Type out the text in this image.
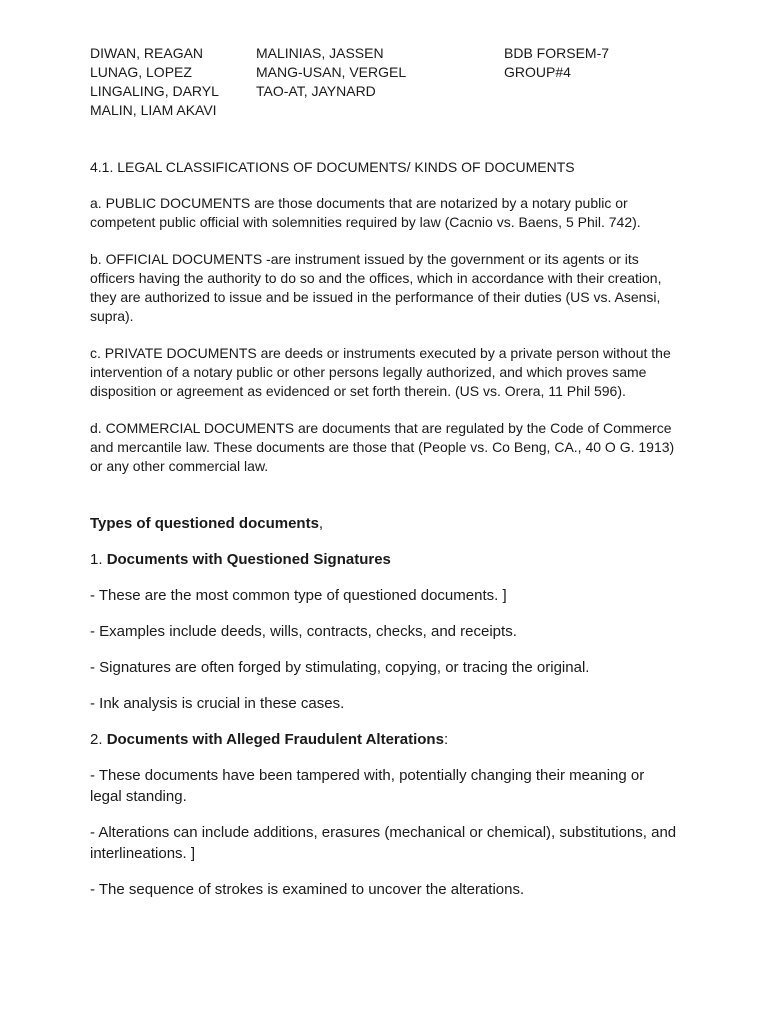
DIWAN, REAGAN
LUNAG, LOPEZ
LINGALING, DARYL
MALIN, LIAM AKAVI
MALINIAS, JASSEN
MANG-USAN, VERGEL
TAO-AT, JAYNARD
BDB FORSEM-7
GROUP#4
4.1. LEGAL CLASSIFICATIONS OF DOCUMENTS/ KINDS OF DOCUMENTS
a. PUBLIC DOCUMENTS are those documents that are notarized by a notary public or competent public official with solemnities required by law (Cacnio vs. Baens, 5 Phil. 742).
b. OFFICIAL DOCUMENTS -are instrument issued by the government or its agents or its officers having the authority to do so and the offices, which in accordance with their creation, they are authorized to issue and be issued in the performance of their duties (US vs. Asensi, supra).
c. PRIVATE DOCUMENTS are deeds or instruments executed by a private person without the intervention of a notary public or other persons legally authorized, and which proves same disposition or agreement as evidenced or set forth therein. (US vs. Orera, 11 Phil 596).
d. COMMERCIAL DOCUMENTS are documents that are regulated by the Code of Commerce and mercantile law. These documents are those that (People vs. Co Beng, CA., 40 O G. 1913) or any other commercial law.
Types of questioned documents,
1. Documents with Questioned Signatures
- These are the most common type of questioned documents. ]
- Examples include deeds, wills, contracts, checks, and receipts.
- Signatures are often forged by stimulating, copying, or tracing the original.
- Ink analysis is crucial in these cases.
2. Documents with Alleged Fraudulent Alterations:
- These documents have been tampered with, potentially changing their meaning or legal standing.
- Alterations can include additions, erasures (mechanical or chemical), substitutions, and interlineations. ]
- The sequence of strokes is examined to uncover the alterations.
